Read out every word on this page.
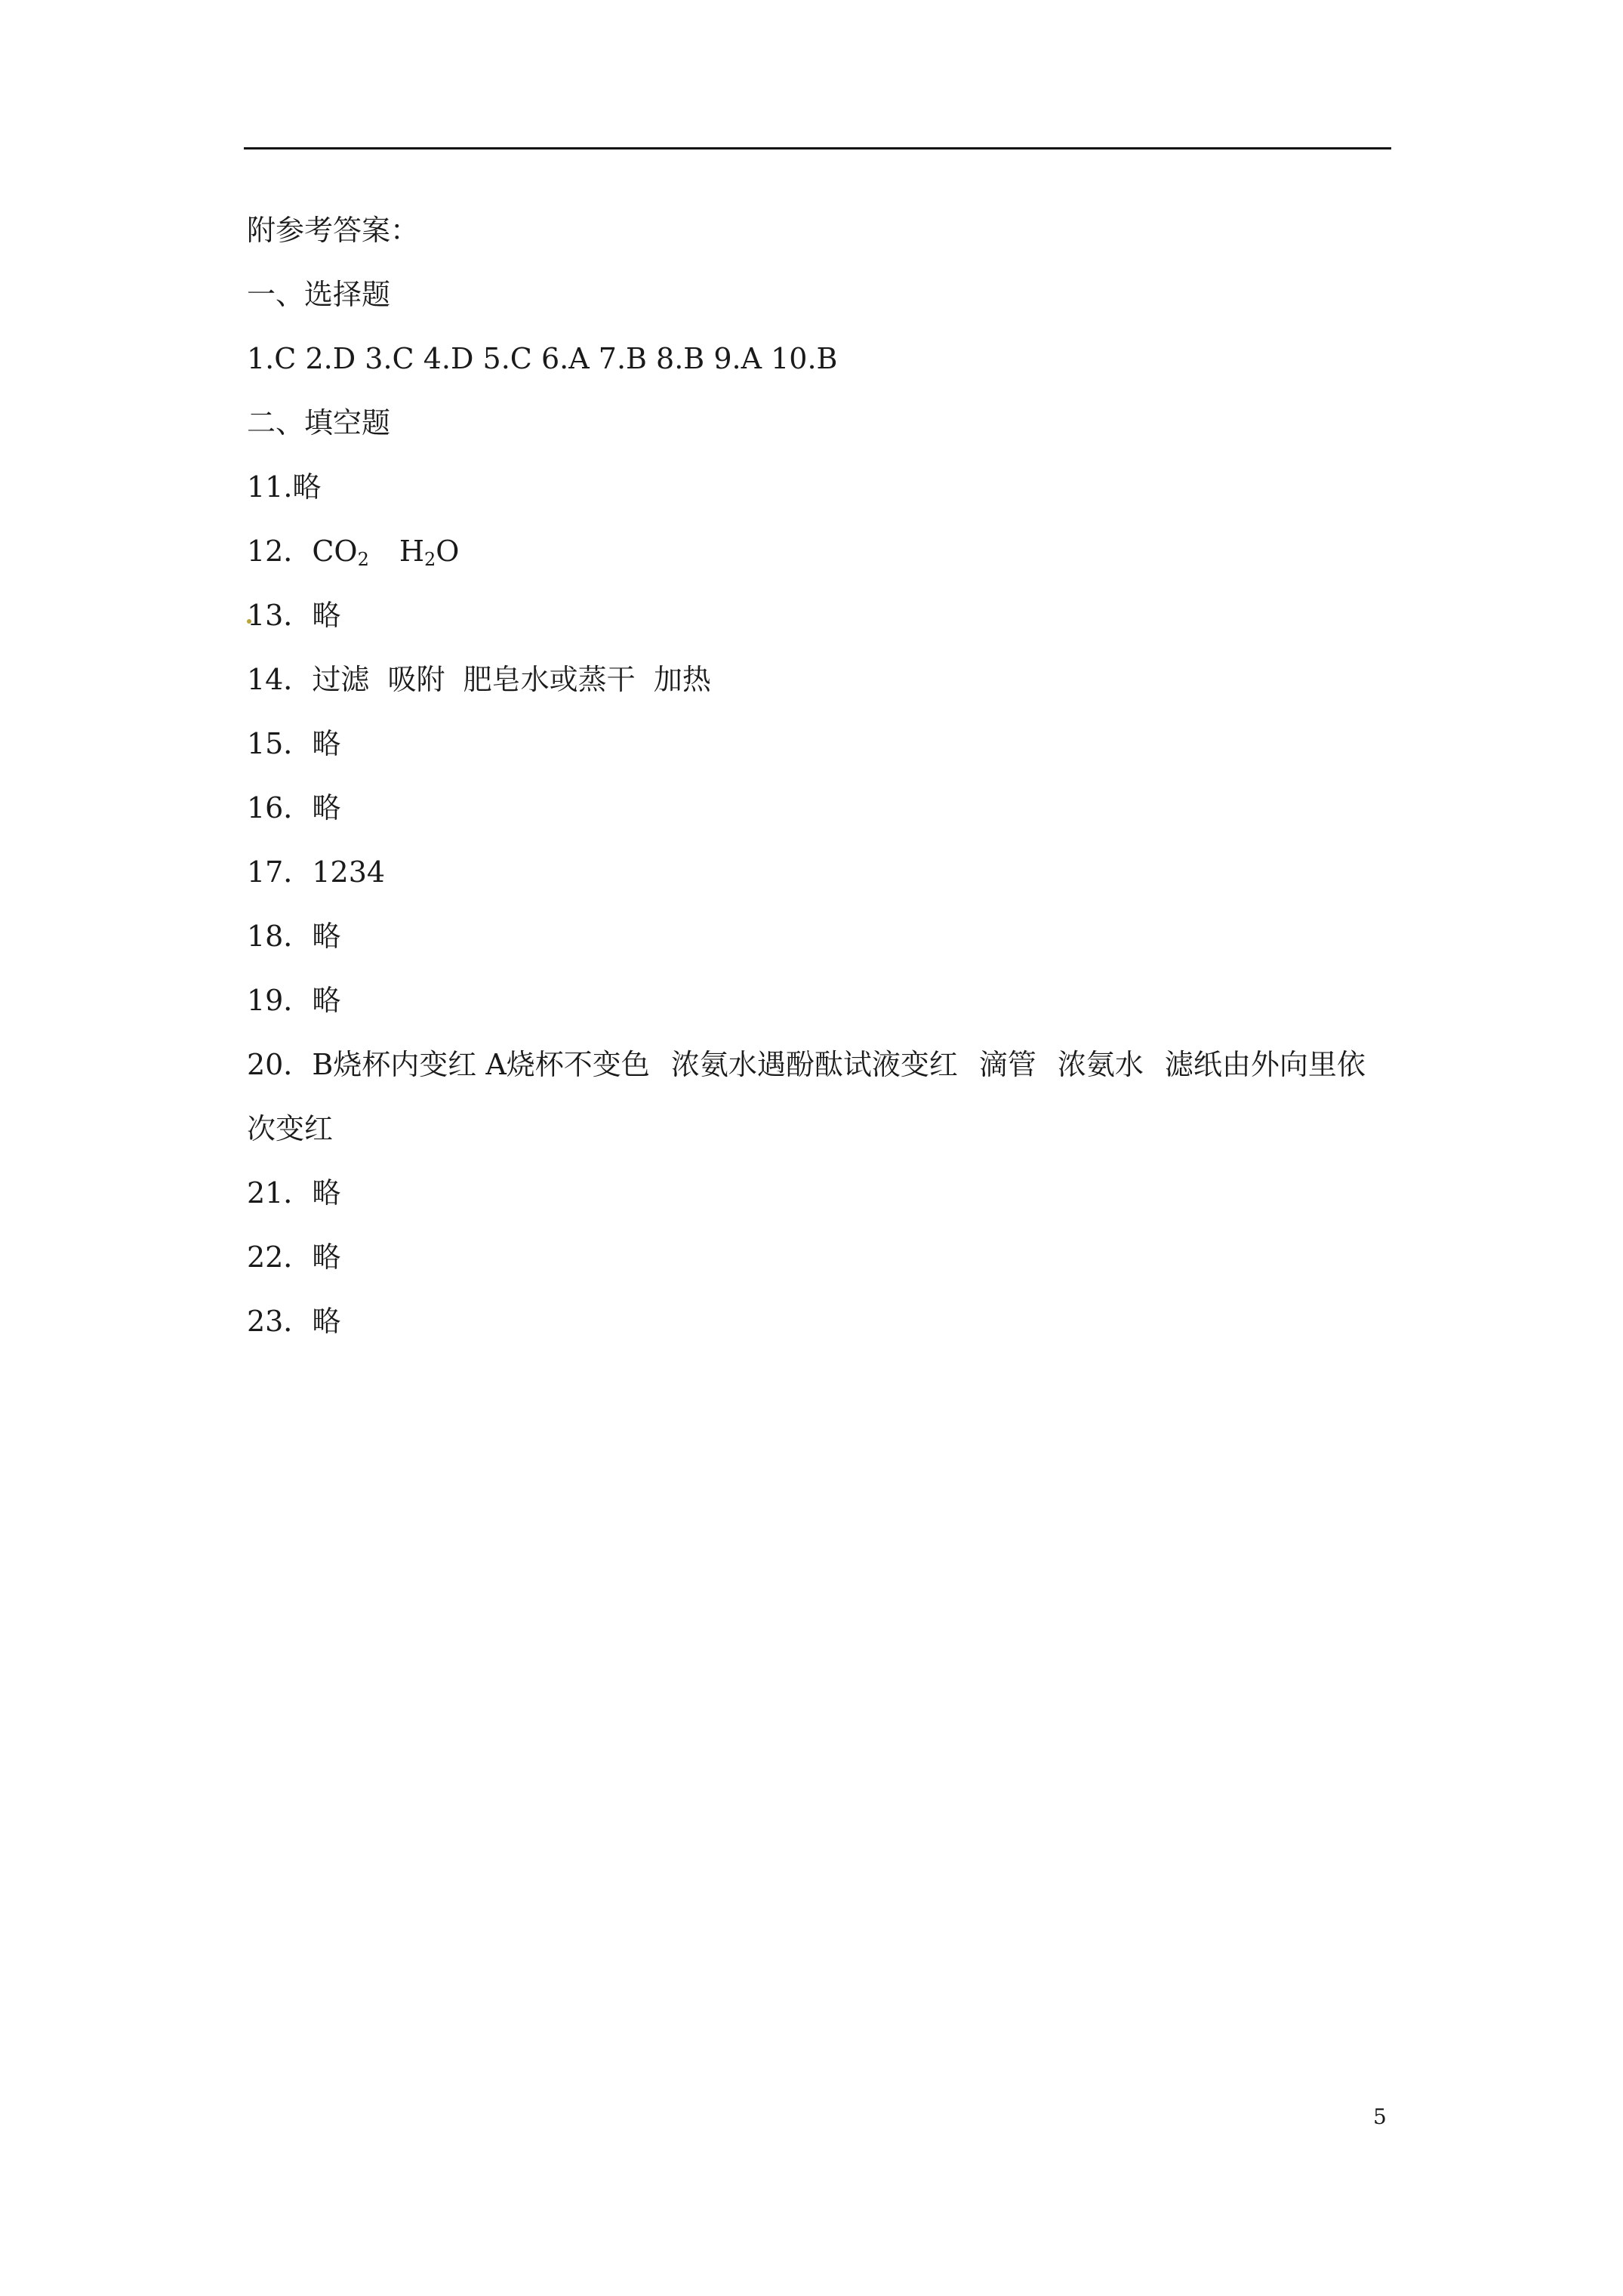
附参考答案：
一、选择题
1.C 2.D 3.C 4.D 5.C 6.A 7.B 8.B 9.A 10.B
二、填空题
11.略
12．$CO_2$ $H_2O$
13．略
14．过滤  吸附  肥皂水或蒸干  加热
15．略
16．略
17．1234
18．略
19．略
20．B烧杯内变红 A烧杯不变色 浓氨水遇酚酞试液变红 滴管 浓氨水 滤纸由外向里依
次变红
21．略
22．略
23．略
5
